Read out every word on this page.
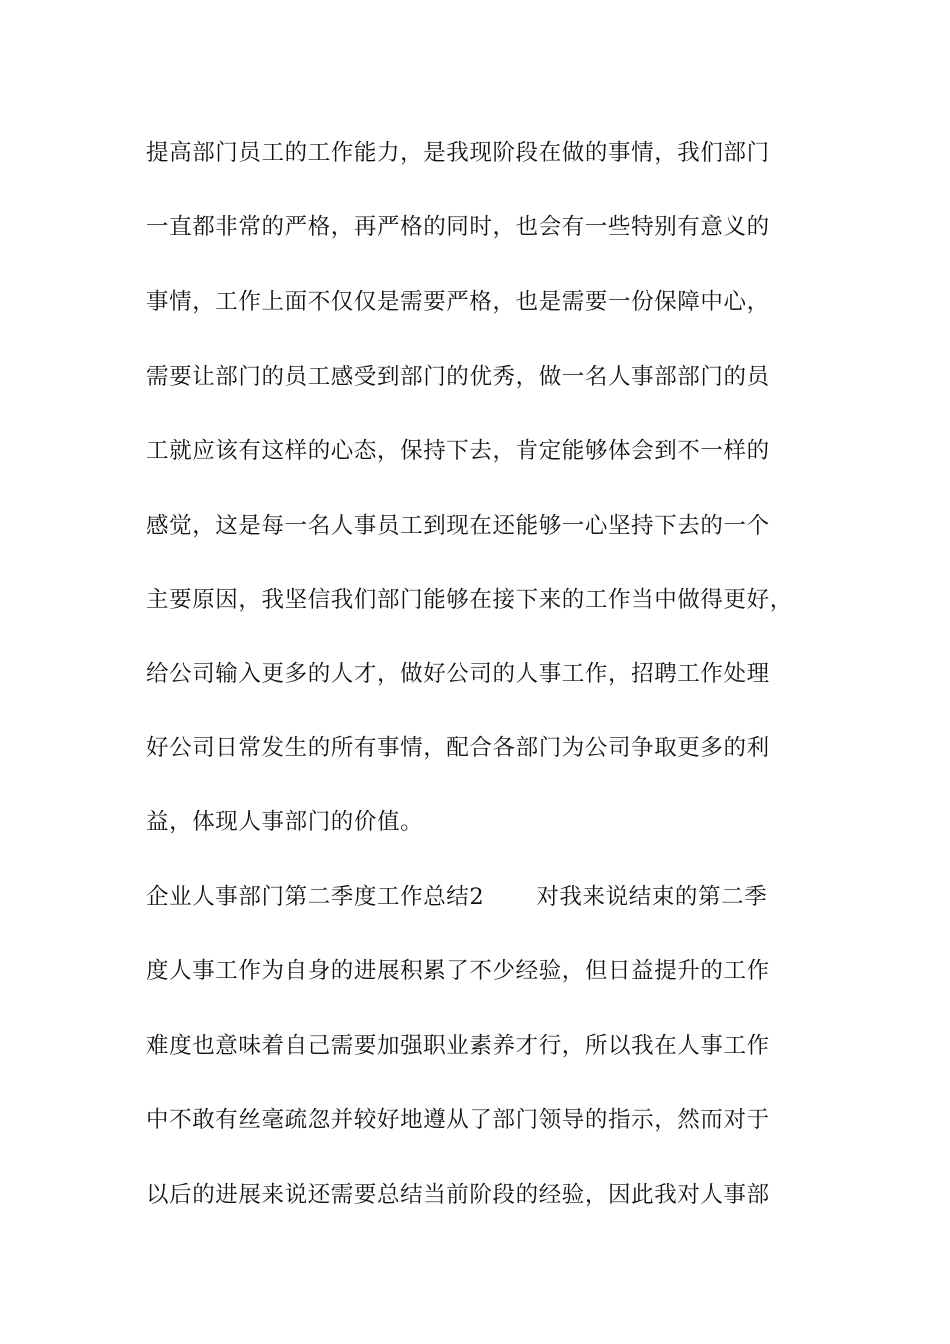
提高部门员工的工作能力，是我现阶段在做的事情，我们部门
一直都非常的严格，再严格的同时，也会有一些特别有意义的
事情，工作上面不仅仅是需要严格，也是需要一份保障中心，
需要让部门的员工感受到部门的优秀，做一名人事部部门的员
工就应该有这样的心态，保持下去，肯定能够体会到不一样的
感觉，这是每一名人事员工到现在还能够一心坚持下去的一个
主要原因，我坚信我们部门能够在接下来的工作当中做得更好，
给公司输入更多的人才，做好公司的人事工作，招聘工作处理
好公司日常发生的所有事情，配合各部门为公司争取更多的利
益，体现人事部门的价值。
企业人事部门第二季度工作总结2 对我来说结束的第二季
度人事工作为自身的进展积累了不少经验，但日益提升的工作
难度也意味着自己需要加强职业素养才行，所以我在人事工作
中不敢有丝毫疏忽并较好地遵从了部门领导的指示，然而对于
以后的进展来说还需要总结当前阶段的经验，因此我对人事部
